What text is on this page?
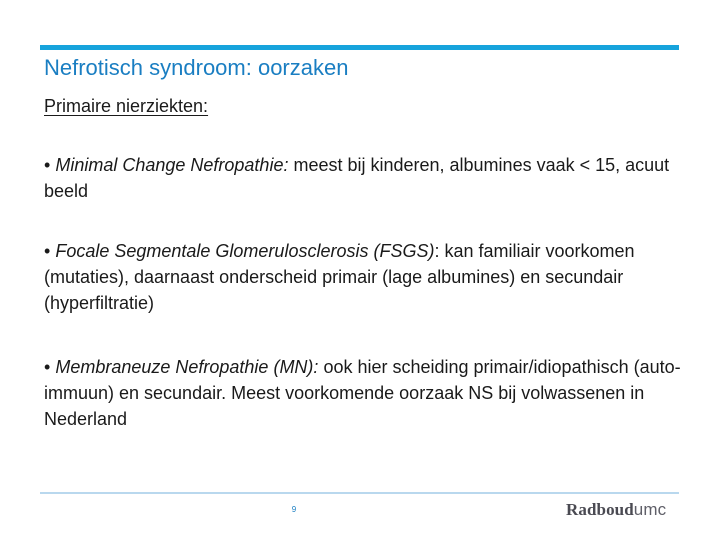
Nefrotisch syndroom: oorzaken
Primaire nierziekten:
• Minimal Change Nefropathie: meest bij kinderen, albumines vaak < 15, acuut beeld
• Focale Segmentale Glomerulosclerosis (FSGS): kan familiair voorkomen (mutaties), daarnaast onderscheid primair (lage albumines) en secundair (hyperfiltratie)
• Membraneuze Nefropathie (MN): ook hier scheiding primair/idiopathisch (auto-immuun) en secundair. Meest voorkomende oorzaak NS bij volwassenen in Nederland
9	Radboudumc
